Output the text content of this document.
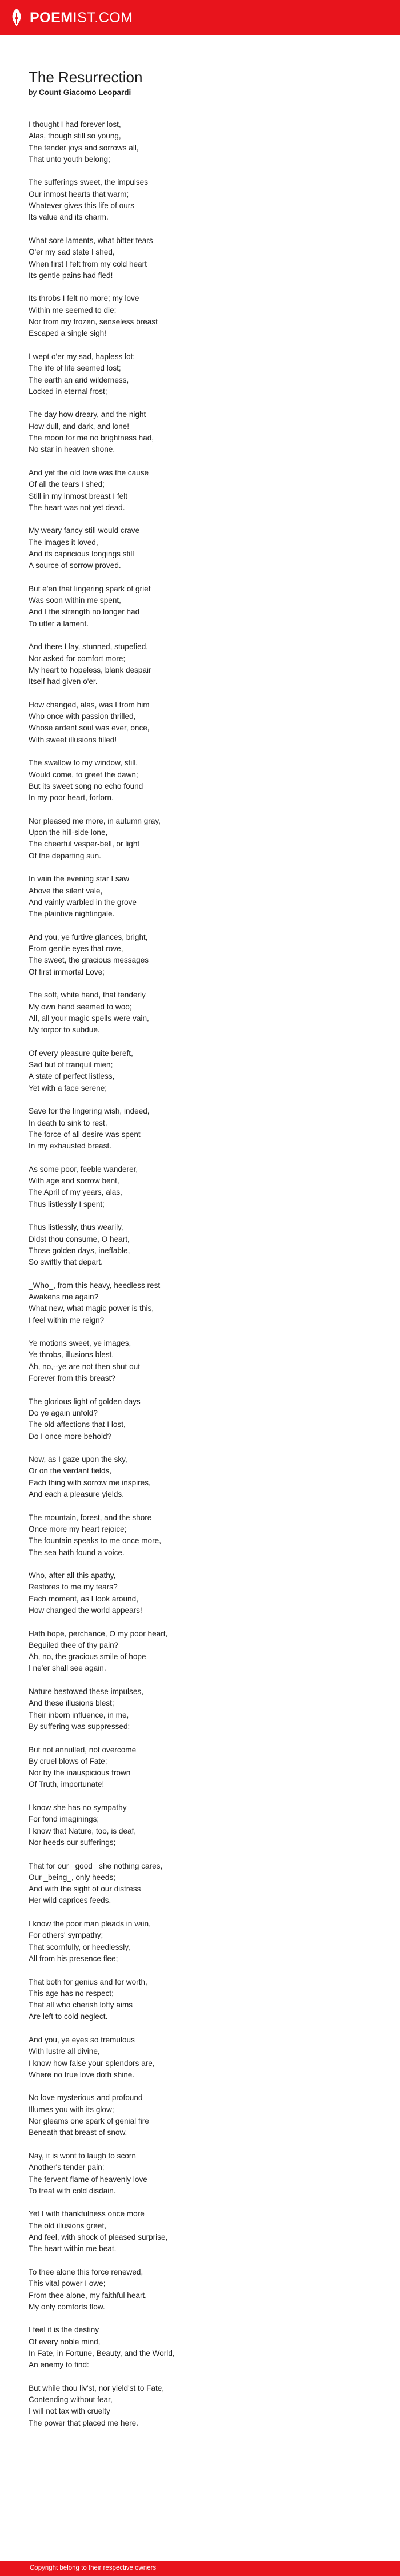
POEMIST.COM
The Resurrection
by Count Giacomo Leopardi

I thought I had forever lost,
Alas, though still so young,
The tender joys and sorrows all,
That unto youth belong;

The sufferings sweet, the impulses
Our inmost hearts that warm;
Whatever gives this life of ours
Its value and its charm.

What sore laments, what bitter tears
O'er my sad state I shed,
When first I felt from my cold heart
Its gentle pains had fled!

Its throbs I felt no more; my love
Within me seemed to die;
Nor from my frozen, senseless breast
Escaped a single sigh!

I wept o'er my sad, hapless lot;
The life of life seemed lost;
The earth an arid wilderness,
Locked in eternal frost;

The day how dreary, and the night
How dull, and dark, and lone!
The moon for me no brightness had,
No star in heaven shone.

And yet the old love was the cause
Of all the tears I shed;
Still in my inmost breast I felt
The heart was not yet dead.

My weary fancy still would crave
The images it loved,
And its capricious longings still
A source of sorrow proved.

But e'en that lingering spark of grief
Was soon within me spent,
And I the strength no longer had
To utter a lament.

And there I lay, stunned, stupefied,
Nor asked for comfort more;
My heart to hopeless, blank despair
Itself had given o'er.

How changed, alas, was I from him
Who once with passion thrilled,
Whose ardent soul was ever, once,
With sweet illusions filled!

The swallow to my window, still,
Would come, to greet the dawn;
But its sweet song no echo found
In my poor heart, forlorn.

Nor pleased me more, in autumn gray,
Upon the hill-side lone,
The cheerful vesper-bell, or light
Of the departing sun.

In vain the evening star I saw
Above the silent vale,
And vainly warbled in the grove
The plaintive nightingale.

And you, ye furtive glances, bright,
From gentle eyes that rove,
The sweet, the gracious messages
Of first immortal Love;

The soft, white hand, that tenderly
My own hand seemed to woo;
All, all your magic spells were vain,
My torpor to subdue.

Of every pleasure quite bereft,
Sad but of tranquil mien;
A state of perfect listless,
Yet with a face serene;

Save for the lingering wish, indeed,
In death to sink to rest,
The force of all desire was spent
In my exhausted breast.

As some poor, feeble wanderer,
With age and sorrow bent,
The April of my years, alas,
Thus listlessly I spent;

Thus listlessly, thus wearily,
Didst thou consume, O heart,
Those golden days, ineffable,
So swiftly that depart.

_Who_, from this heavy, heedless rest
Awakens me again?
What new, what magic power is this,
I feel within me reign?

Ye motions sweet, ye images,
Ye throbs, illusions blest,
Ah, no,--ye are not then shut out
Forever from this breast?

The glorious light of golden days
Do ye again unfold?
The old affections that I lost,
Do I once more behold?

Now, as I gaze upon the sky,
Or on the verdant fields,
Each thing with sorrow me inspires,
And each a pleasure yields.

The mountain, forest, and the shore
Once more my heart rejoice;
The fountain speaks to me once more,
The sea hath found a voice.

Who, after all this apathy,
Restores to me my tears?
Each moment, as I look around,
How changed the world appears!

Hath hope, perchance, O my poor heart,
Beguiled thee of thy pain?
Ah, no, the gracious smile of hope
I ne'er shall see again.

Nature bestowed these impulses,
And these illusions blest;
Their inborn influence, in me,
By suffering was suppressed;

But not annulled, not overcome
By cruel blows of Fate;
Nor by the inauspicious frown
Of Truth, importunate!

I know she has no sympathy
For fond imaginings;
I know that Nature, too, is deaf,
Nor heeds our sufferings;

That for our _good_ she nothing cares,
Our _being_, only heeds;
And with the sight of our distress
Her wild caprices feeds.

I know the poor man pleads in vain,
For others' sympathy;
That scornfully, or heedlessly,
All from his presence flee;

That both for genius and for worth,
This age has no respect;
That all who cherish lofty aims
Are left to cold neglect.

And you, ye eyes so tremulous
With lustre all divine,
I know how false your splendors are,
Where no true love doth shine.

No love mysterious and profound
Illumes you with its glow;
Nor gleams one spark of genial fire
Beneath that breast of snow.

Nay, it is wont to laugh to scorn
Another's tender pain;
The fervent flame of heavenly love
To treat with cold disdain.

Yet I with thankfulness once more
The old illusions greet,
And feel, with shock of pleased surprise,
The heart within me beat.

To thee alone this force renewed,
This vital power I owe;
From thee alone, my faithful heart,
My only comforts flow.

I feel it is the destiny
Of every noble mind,
In Fate, in Fortune, Beauty, and the World,
An enemy to find:

But while thou liv'st, nor yield'st to Fate,
Contending without fear,
I will not tax with cruelty
The power that placed me here.

Copyright belong to their respective owners
